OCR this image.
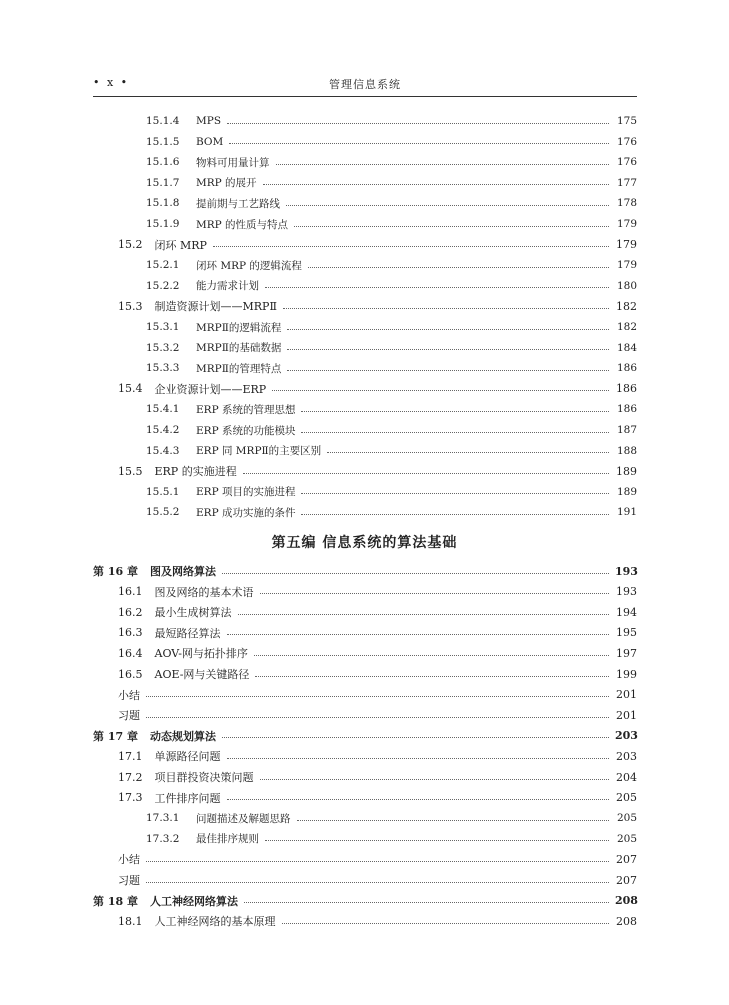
• x •	管理信息系统
15.1.4	MPS	175
15.1.5	BOM	176
15.1.6	物料可用量计算	176
15.1.7	MRP 的展开	177
15.1.8	提前期与工艺路线	178
15.1.9	MRP 的性质与特点	179
15.2 闭环 MRP	179
15.2.1	闭环 MRP 的逻辑流程	179
15.2.2	能力需求计划	180
15.3 制造资源计划——MRPⅡ	182
15.3.1	MRPⅡ的逻辑流程	182
15.3.2	MRPⅡ的基础数据	184
15.3.3	MRPⅡ的管理特点	186
15.4 企业资源计划——ERP	186
15.4.1	ERP 系统的管理思想	186
15.4.2	ERP 系统的功能模块	187
15.4.3	ERP 同 MRPⅡ的主要区别	188
15.5 ERP 的实施进程	189
15.5.1	ERP 项目的实施进程	189
15.5.2	ERP 成功实施的条件	191
第五编 信息系统的算法基础
第 16 章 图及网络算法	193
16.1 图及网络的基本术语	193
16.2 最小生成树算法	194
16.3 最短路径算法	195
16.4 AOV-网与拓扑排序	197
16.5 AOE-网与关键路径	199
小结	201
习题	201
第 17 章 动态规划算法	203
17.1 单源路径问题	203
17.2 项目群投资决策问题	204
17.3 工件排序问题	205
17.3.1	问题描述及解题思路	205
17.3.2	最佳排序规则	205
小结	207
习题	207
第 18 章 人工神经网络算法	208
18.1 人工神经网络的基本原理	208
